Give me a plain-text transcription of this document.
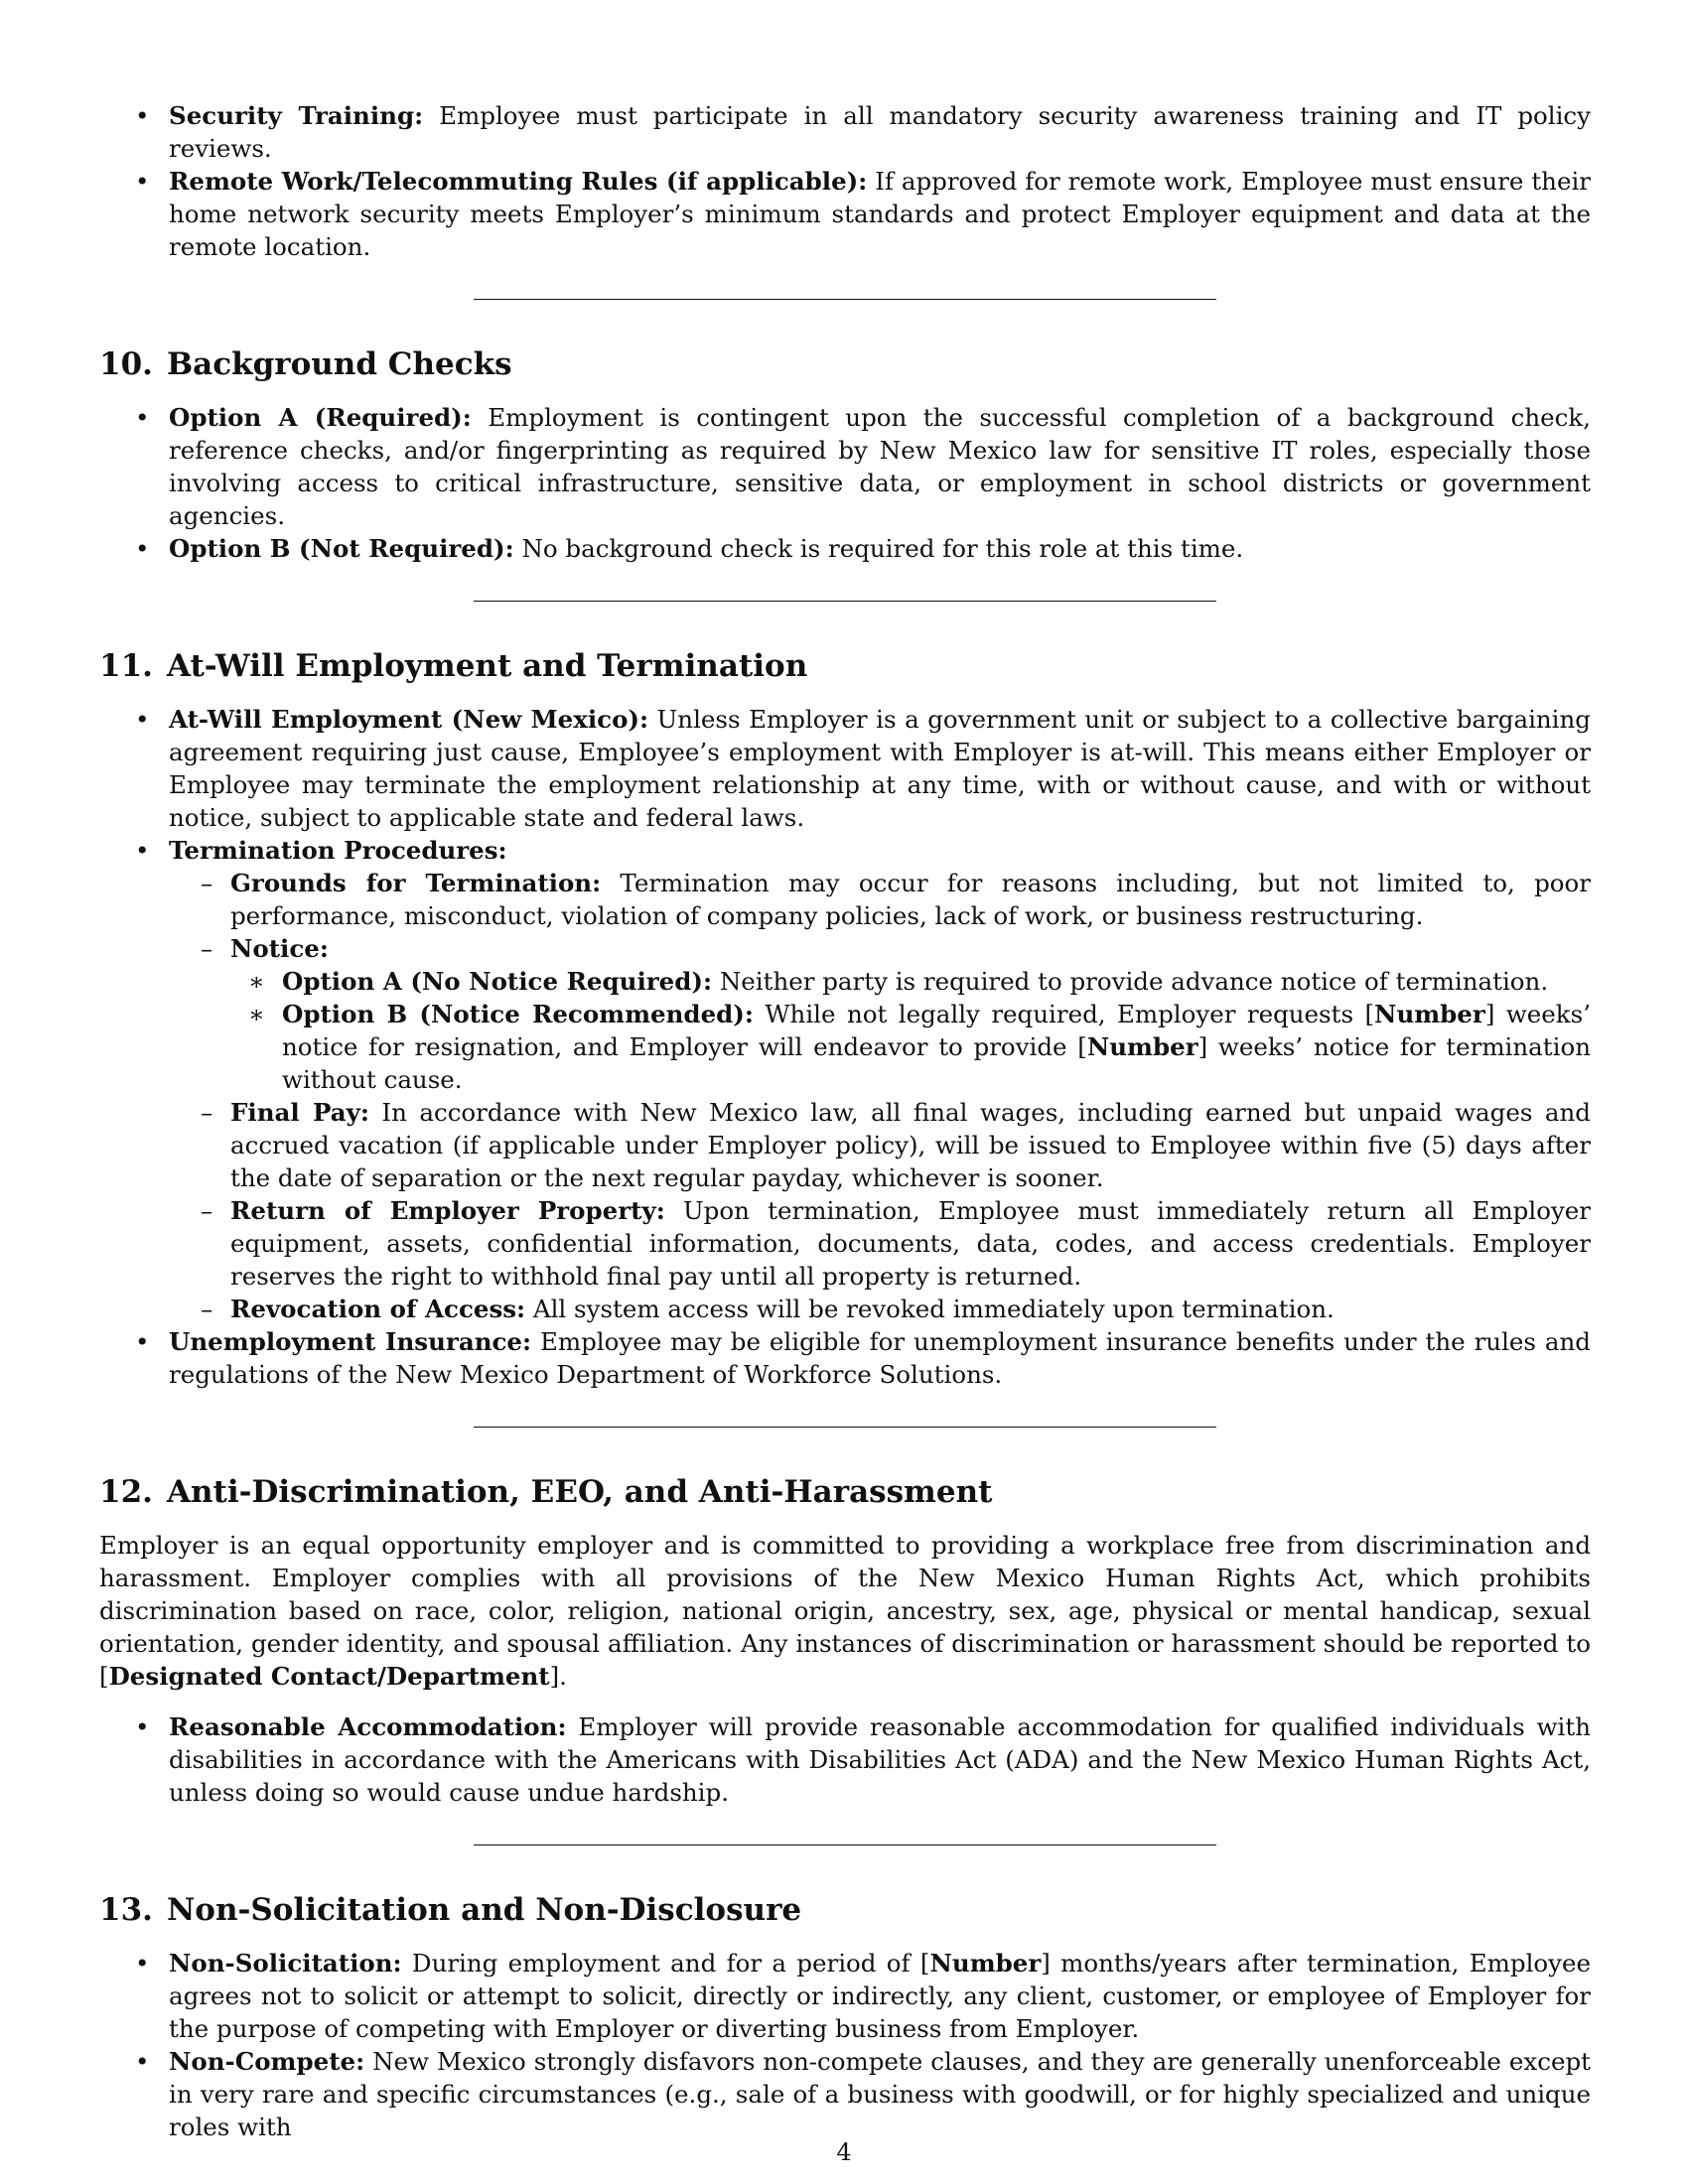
• Security Training: Employee must participate in all mandatory security awareness training and IT policy reviews.
• Remote Work/Telecommuting Rules (if applicable): If approved for remote work, Employee must ensure their home network security meets Employer’s minimum standards and protect Employer equipment and data at the remote location.
10. Background Checks
• Option A (Required): Employment is contingent upon the successful completion of a background check, reference checks, and/or fingerprinting as required by New Mexico law for sensitive IT roles, especially those involving access to critical infrastructure, sensitive data, or employment in school districts or government agencies.
• Option B (Not Required): No background check is required for this role at this time.
11. At-Will Employment and Termination
• At-Will Employment (New Mexico): Unless Employer is a government unit or subject to a collective bargaining agreement requiring just cause, Employee’s employment with Employer is at-will. This means either Employer or Employee may terminate the employment relationship at any time, with or without cause, and with or without notice, subject to applicable state and federal laws.
• Termination Procedures:
– Grounds for Termination: Termination may occur for reasons including, but not limited to, poor performance, misconduct, violation of company policies, lack of work, or business restructuring.
– Notice:
∗ Option A (No Notice Required): Neither party is required to provide advance notice of termination.
∗ Option B (Notice Recommended): While not legally required, Employer requests [Number] weeks’ notice for resignation, and Employer will endeavor to provide [Number] weeks’ notice for termination without cause.
– Final Pay: In accordance with New Mexico law, all final wages, including earned but unpaid wages and accrued vacation (if applicable under Employer policy), will be issued to Employee within five (5) days after the date of separation or the next regular payday, whichever is sooner.
– Return of Employer Property: Upon termination, Employee must immediately return all Employer equipment, assets, confidential information, documents, data, codes, and access credentials. Employer reserves the right to withhold final pay until all property is returned.
– Revocation of Access: All system access will be revoked immediately upon termination.
• Unemployment Insurance: Employee may be eligible for unemployment insurance benefits under the rules and regulations of the New Mexico Department of Workforce Solutions.
12. Anti-Discrimination, EEO, and Anti-Harassment

Employer is an equal opportunity employer and is committed to providing a workplace free from discrimination and harassment. Employer complies with all provisions of the New Mexico Human Rights Act, which prohibits discrimination based on race, color, religion, national origin, ancestry, sex, age, physical or mental handicap, sexual orientation, gender identity, and spousal affiliation. Any instances of discrimination or harassment should be reported to [Designated Contact/Department].

• Reasonable Accommodation: Employer will provide reasonable accommodation for qualified individuals with disabilities in accordance with the Americans with Disabilities Act (ADA) and the New Mexico Human Rights Act, unless doing so would cause undue hardship.
13. Non-Solicitation and Non-Disclosure
• Non-Solicitation: During employment and for a period of [Number] months/years after termination, Employee agrees not to solicit or attempt to solicit, directly or indirectly, any client, customer, or employee of Employer for the purpose of competing with Employer or diverting business from Employer.
• Non-Compete: New Mexico strongly disfavors non-compete clauses, and they are generally unenforceable except in very rare and specific circumstances (e.g., sale of a business with goodwill, or for highly specialized and unique roles with
4
